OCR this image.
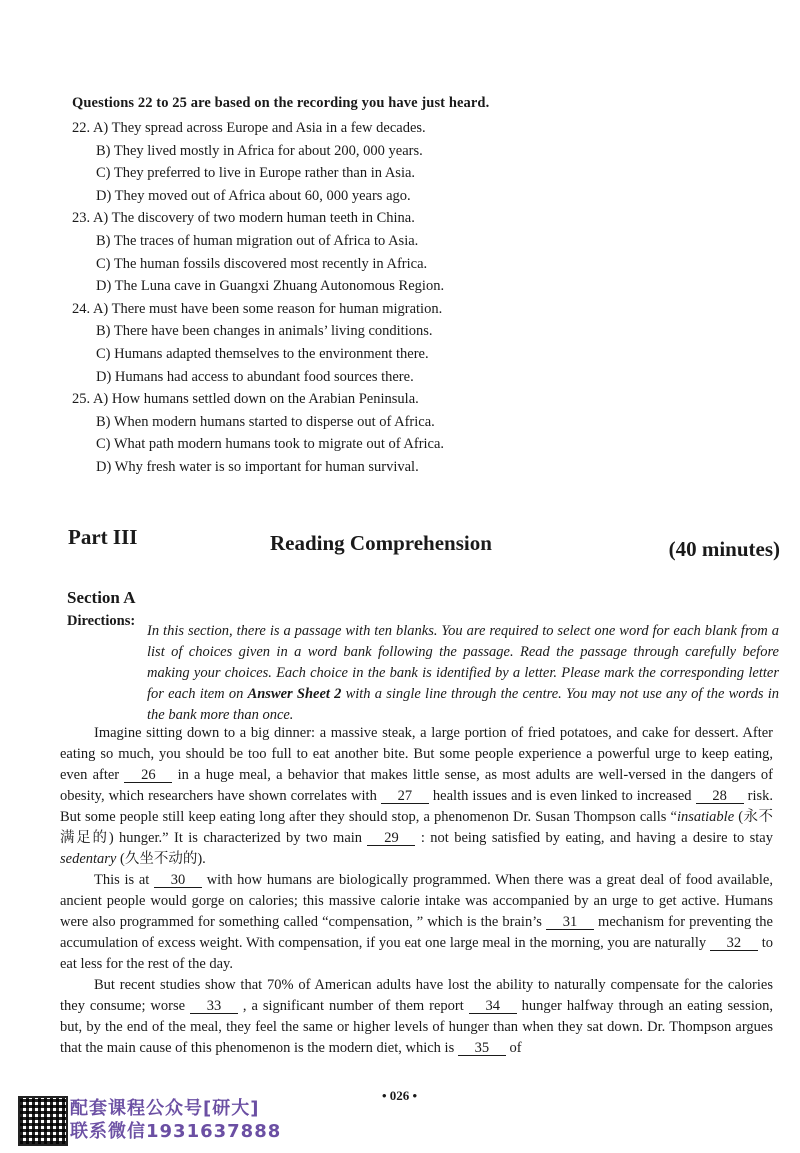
Questions 22 to 25 are based on the recording you have just heard.
22. A) They spread across Europe and Asia in a few decades.
B) They lived mostly in Africa for about 200, 000 years.
C) They preferred to live in Europe rather than in Asia.
D) They moved out of Africa about 60, 000 years ago.
23. A) The discovery of two modern human teeth in China.
B) The traces of human migration out of Africa to Asia.
C) The human fossils discovered most recently in Africa.
D) The Luna cave in Guangxi Zhuang Autonomous Region.
24. A) There must have been some reason for human migration.
B) There have been changes in animals’ living conditions.
C) Humans adapted themselves to the environment there.
D) Humans had access to abundant food sources there.
25. A) How humans settled down on the Arabian Peninsula.
B) When modern humans started to disperse out of Africa.
C) What path modern humans took to migrate out of Africa.
D) Why fresh water is so important for human survival.
Part III	Reading Comprehension	(40 minutes)
Section A
Directions:
In this section, there is a passage with ten blanks. You are required to select one word for each blank from a list of choices given in a word bank following the passage. Read the passage through carefully before making your choices. Each choice in the bank is identified by a letter. Please mark the corresponding letter for each item on Answer Sheet 2 with a single line through the centre. You may not use any of the words in the bank more than once.

Imagine sitting down to a big dinner: a massive steak, a large portion of fried potatoes, and cake for dessert. After eating so much, you should be too full to eat another bite. But some people experience a powerful urge to keep eating, even after 26 in a huge meal, a behavior that makes little sense, as most adults are well-versed in the dangers of obesity, which researchers have shown correlates with 27 health issues and is even linked to increased 28 risk. But some people still keep eating long after they should stop, a phenomenon Dr. Susan Thompson calls “insatiable (永不满足的) hunger.” It is characterized by two main 29 : not being satisfied by eating, and having a desire to stay sedentary (久坐不动的).

This is at 30 with how humans are biologically programmed. When there was a great deal of food available, ancient people would gorge on calories; this massive calorie intake was accompanied by an urge to get active. Humans were also programmed for something called “compensation, ” which is the brain’s 31 mechanism for preventing the accumulation of excess weight. With compensation, if you eat one large meal in the morning, you are naturally 32 to eat less for the rest of the day.

But recent studies show that 70% of American adults have lost the ability to naturally compensate for the calories they consume; worse 33 , a significant number of them report 34 hunger halfway through an eating session, but, by the end of the meal, they feel the same or higher levels of hunger than when they sat down. Dr. Thompson argues that the main cause of this phenomenon is the modern diet, which is 35 of

• 026 •
配套课程公众号[研大]
联系微信1931637888
